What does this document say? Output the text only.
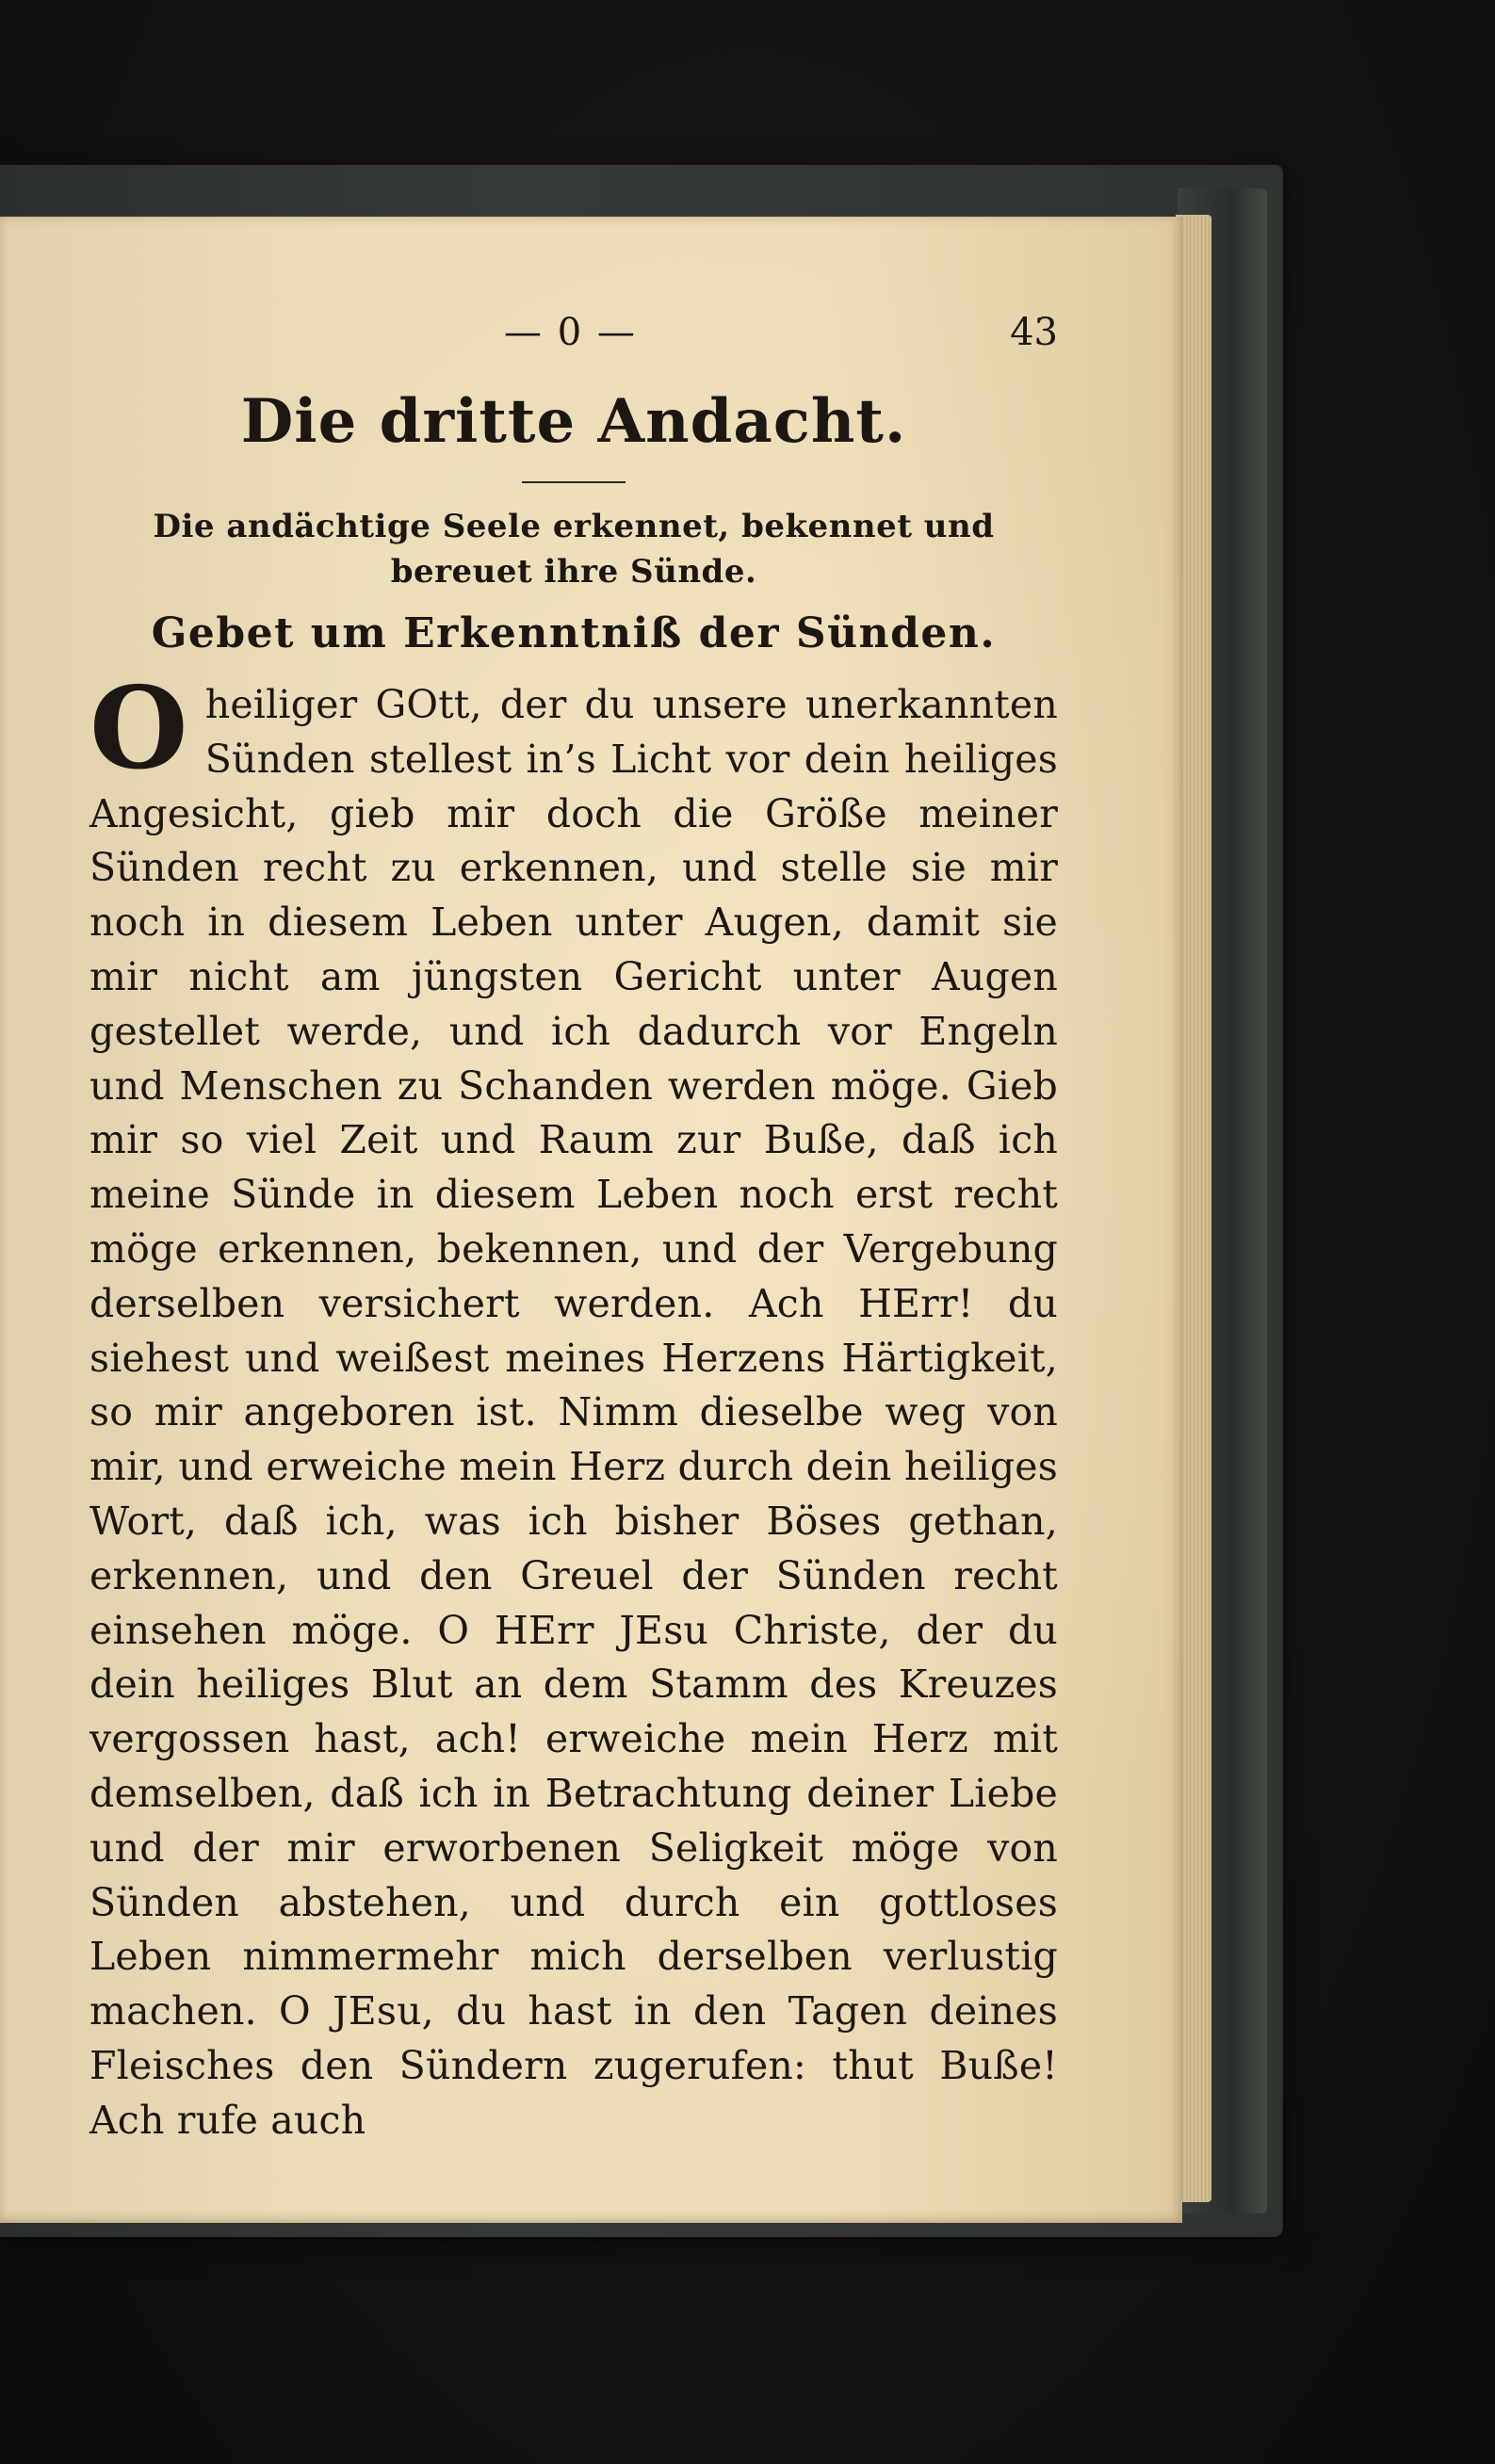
— 0 —	43
Die dritte Andacht.
Die andächtige Seele erkennet, bekennet und bereuet ihre Sünde.
Gebet um Erkenntniß der Sünden.
O heiliger GOtt, der du unsere unerkannten Sünden stellest in’s Licht vor dein heiliges Angesicht, gieb mir doch die Größe meiner Sünden recht zu erkennen, und stelle sie mir noch in diesem Leben unter Augen, damit sie mir nicht am jüngsten Gericht unter Augen gestellet werde, und ich dadurch vor Engeln und Menschen zu Schanden werden möge. Gieb mir so viel Zeit und Raum zur Buße, daß ich meine Sünde in diesem Leben noch erst recht möge erkennen, bekennen, und der Vergebung derselben versichert werden. Ach HErr! du siehest und weißest meines Herzens Härtigkeit, so mir angeboren ist. Nimm dieselbe weg von mir, und erweiche mein Herz durch dein heiliges Wort, daß ich, was ich bisher Böses gethan, erkennen, und den Greuel der Sünden recht einsehen möge. O HErr JEsu Christe, der du dein heiliges Blut an dem Stamm des Kreuzes vergossen hast, ach! erweiche mein Herz mit demselben, daß ich in Betrachtung deiner Liebe und der mir erworbenen Seligkeit möge von Sünden abstehen, und durch ein gottloses Leben nimmermehr mich derselben verlustig machen. O JEsu, du hast in den Tagen deines Fleisches den Sündern zugerufen: thut Buße! Ach rufe auch
